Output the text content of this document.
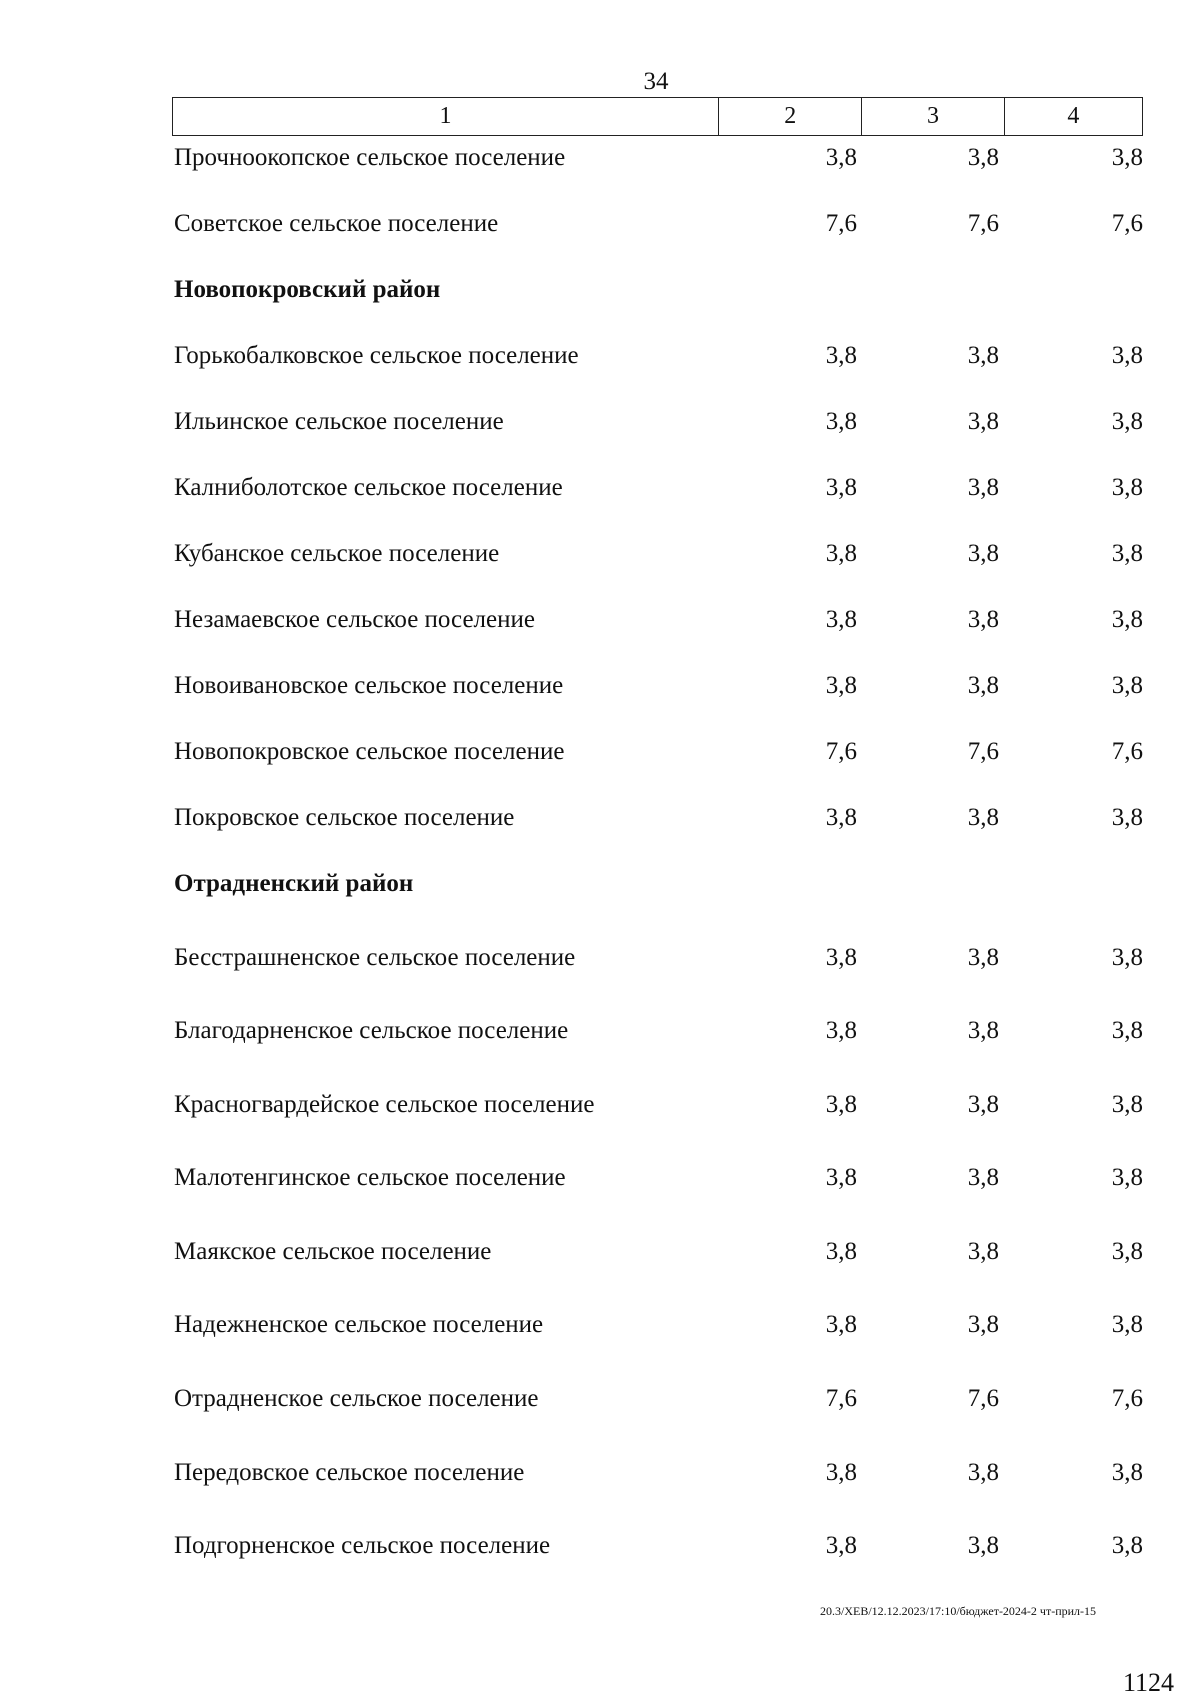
34
1	2	3	4
Прочноокопское сельское поселение	3,8	3,8	3,8
Советское сельское поселение	7,6	7,6	7,6
Новопокровский район
Горькобалковское сельское поселение	3,8	3,8	3,8
Ильинское сельское поселение	3,8	3,8	3,8
Калниболотское сельское поселение	3,8	3,8	3,8
Кубанское сельское поселение	3,8	3,8	3,8
Незамаевское сельское поселение	3,8	3,8	3,8
Новоивановское сельское поселение	3,8	3,8	3,8
Новопокровское сельское поселение	7,6	7,6	7,6
Покровское сельское поселение	3,8	3,8	3,8
Отрадненский район
Бесстрашненское сельское поселение	3,8	3,8	3,8
Благодарненское сельское поселение	3,8	3,8	3,8
Красногвардейское сельское поселение	3,8	3,8	3,8
Малотенгинское сельское поселение	3,8	3,8	3,8
Маякское сельское поселение	3,8	3,8	3,8
Надежненское сельское поселение	3,8	3,8	3,8
Отрадненское сельское поселение	7,6	7,6	7,6
Передовское сельское поселение	3,8	3,8	3,8
Подгорненское сельское поселение	3,8	3,8	3,8
20.3/ХЕВ/12.12.2023/17:10/бюджет-2024-2 чт-прил-15
1124
